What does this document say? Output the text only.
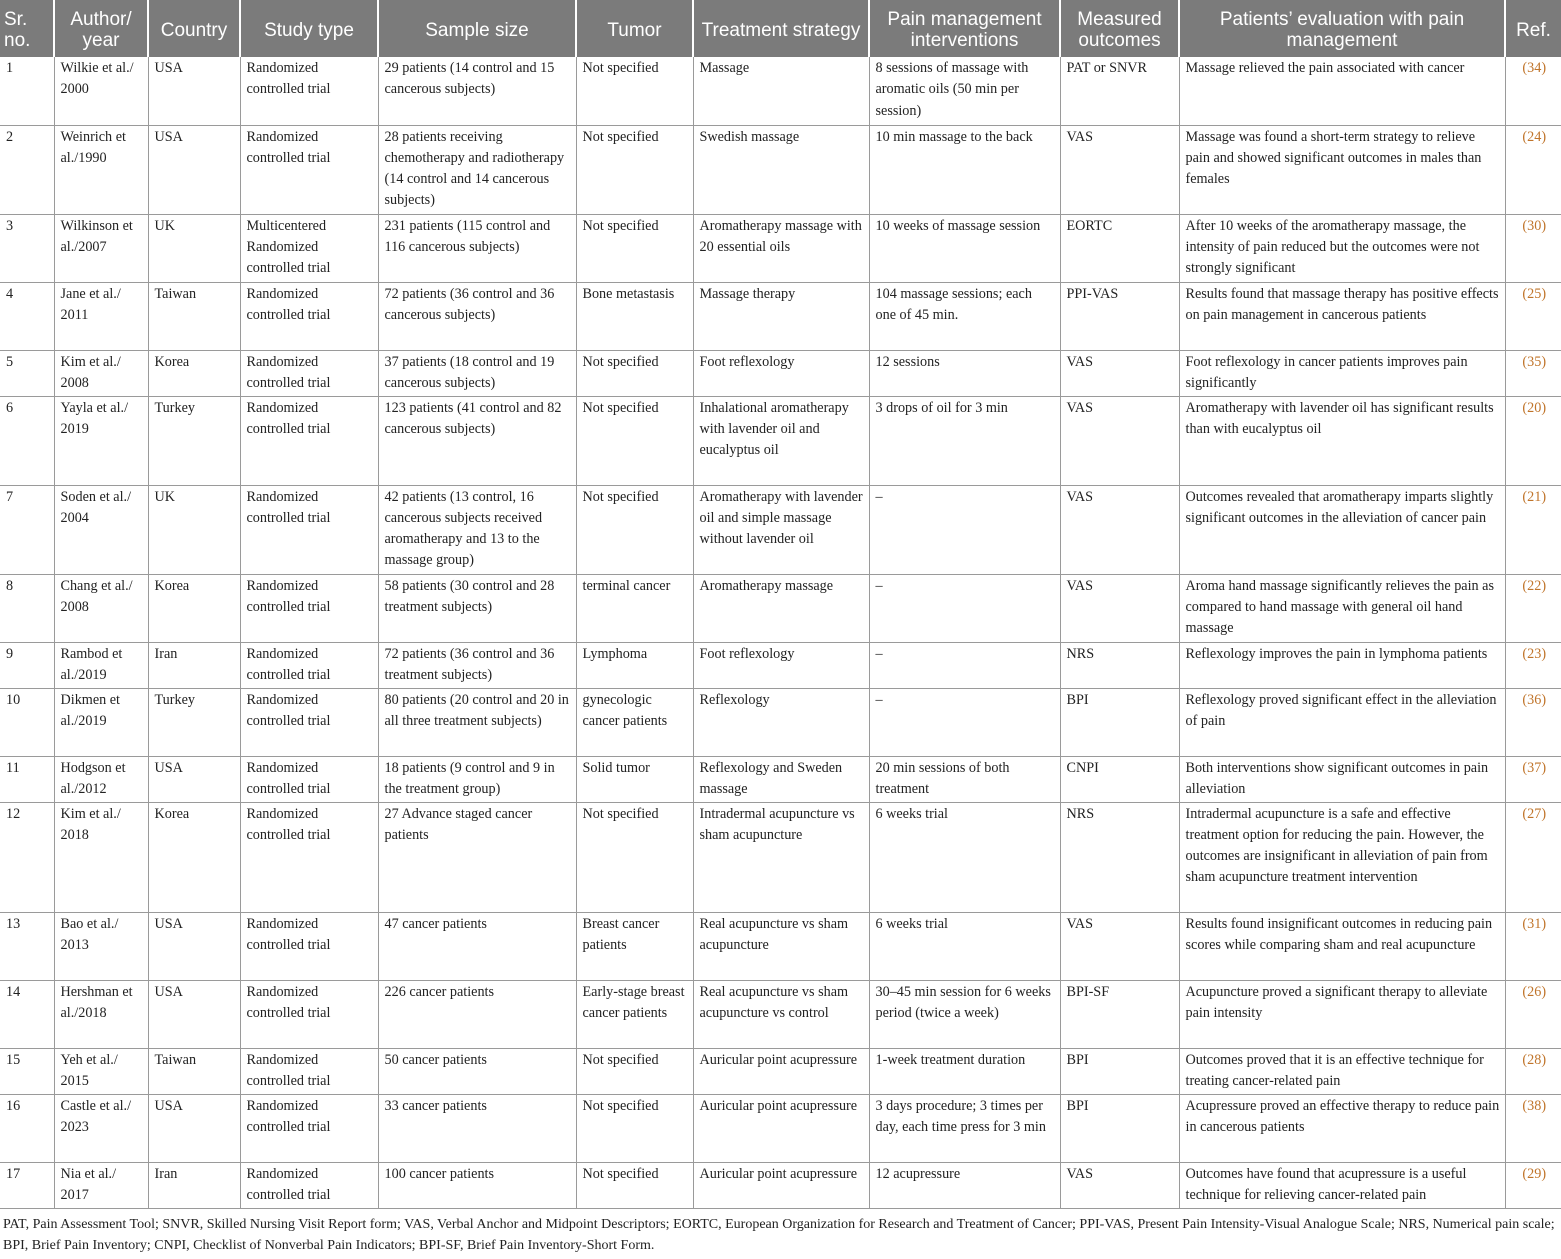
Sr. no.	Author/ year	Country	Study type	Sample size	Tumor	Treatment strategy	Pain management interventions	Measured outcomes	Patients’ evaluation with pain management	Ref.
1	Wilkie et al./ 2000	USA	Randomized controlled trial	29 patients (14 control and 15 cancerous subjects)	Not specified	Massage	8 sessions of massage with aromatic oils (50 min per session)	PAT or SNVR	Massage relieved the pain associated with cancer	(34)
2	Weinrich et al./1990	USA	Randomized controlled trial	28 patients receiving chemotherapy and radiotherapy (14 control and 14 cancerous subjects)	Not specified	Swedish massage	10 min massage to the back	VAS	Massage was found a short-term strategy to relieve pain and showed significant outcomes in males than females	(24)
3	Wilkinson et al./2007	UK	Multicentered Randomized controlled trial	231 patients (115 control and 116 cancerous subjects)	Not specified	Aromatherapy massage with 20 essential oils	10 weeks of massage session	EORTC	After 10 weeks of the aromatherapy massage, the intensity of pain reduced but the outcomes were not strongly significant	(30)
4	Jane et al./ 2011	Taiwan	Randomized controlled trial	72 patients (36 control and 36 cancerous subjects)	Bone metastasis	Massage therapy	104 massage sessions; each one of 45 min.	PPI-VAS	Results found that massage therapy has positive effects on pain management in cancerous patients	(25)
5	Kim et al./ 2008	Korea	Randomized controlled trial	37 patients (18 control and 19 cancerous subjects)	Not specified	Foot reflexology	12 sessions	VAS	Foot reflexology in cancer patients improves pain significantly	(35)
6	Yayla et al./ 2019	Turkey	Randomized controlled trial	123 patients (41 control and 82 cancerous subjects)	Not specified	Inhalational aromatherapy with lavender oil and eucalyptus oil	3 drops of oil for 3 min	VAS	Aromatherapy with lavender oil has significant results than with eucalyptus oil	(20)
7	Soden et al./ 2004	UK	Randomized controlled trial	42 patients (13 control, 16 cancerous subjects received aromatherapy and 13 to the massage group)	Not specified	Aromatherapy with lavender oil and simple massage without lavender oil	–	VAS	Outcomes revealed that aromatherapy imparts slightly significant outcomes in the alleviation of cancer pain	(21)
8	Chang et al./ 2008	Korea	Randomized controlled trial	58 patients (30 control and 28 treatment subjects)	terminal cancer	Aromatherapy massage	–	VAS	Aroma hand massage significantly relieves the pain as compared to hand massage with general oil hand massage	(22)
9	Rambod et al./2019	Iran	Randomized controlled trial	72 patients (36 control and 36 treatment subjects)	Lymphoma	Foot reflexology	–	NRS	Reflexology improves the pain in lymphoma patients	(23)
10	Dikmen et al./2019	Turkey	Randomized controlled trial	80 patients (20 control and 20 in all three treatment subjects)	gynecologic cancer patients	Reflexology	–	BPI	Reflexology proved significant effect in the alleviation of pain	(36)
11	Hodgson et al./2012	USA	Randomized controlled trial	18 patients (9 control and 9 in the treatment group)	Solid tumor	Reflexology and Sweden massage	20 min sessions of both treatment	CNPI	Both interventions show significant outcomes in pain alleviation	(37)
12	Kim et al./ 2018	Korea	Randomized controlled trial	27 Advance staged cancer patients	Not specified	Intradermal acupuncture vs sham acupuncture	6 weeks trial	NRS	Intradermal acupuncture is a safe and effective treatment option for reducing the pain. However, the outcomes are insignificant in alleviation of pain from sham acupuncture treatment intervention	(27)
13	Bao et al./ 2013	USA	Randomized controlled trial	47 cancer patients	Breast cancer patients	Real acupuncture vs sham acupuncture	6 weeks trial	VAS	Results found insignificant outcomes in reducing pain scores while comparing sham and real acupuncture	(31)
14	Hershman et al./2018	USA	Randomized controlled trial	226 cancer patients	Early-stage breast cancer patients	Real acupuncture vs sham acupuncture vs control	30–45 min session for 6 weeks period (twice a week)	BPI-SF	Acupuncture proved a significant therapy to alleviate pain intensity	(26)
15	Yeh et al./ 2015	Taiwan	Randomized controlled trial	50 cancer patients	Not specified	Auricular point acupressure	1-week treatment duration	BPI	Outcomes proved that it is an effective technique for treating cancer-related pain	(28)
16	Castle et al./ 2023	USA	Randomized controlled trial	33 cancer patients	Not specified	Auricular point acupressure	3 days procedure; 3 times per day, each time press for 3 min	BPI	Acupressure proved an effective therapy to reduce pain in cancerous patients	(38)
17	Nia et al./ 2017	Iran	Randomized controlled trial	100 cancer patients	Not specified	Auricular point acupressure	12 acupressure	VAS	Outcomes have found that acupressure is a useful technique for relieving cancer-related pain	(29)
PAT, Pain Assessment Tool; SNVR, Skilled Nursing Visit Report form; VAS, Verbal Anchor and Midpoint Descriptors; EORTC, European Organization for Research and Treatment of Cancer; PPI-VAS, Present Pain Intensity-Visual Analogue Scale; NRS, Numerical pain scale; BPI, Brief Pain Inventory; CNPI, Checklist of Nonverbal Pain Indicators; BPI-SF, Brief Pain Inventory-Short Form.
